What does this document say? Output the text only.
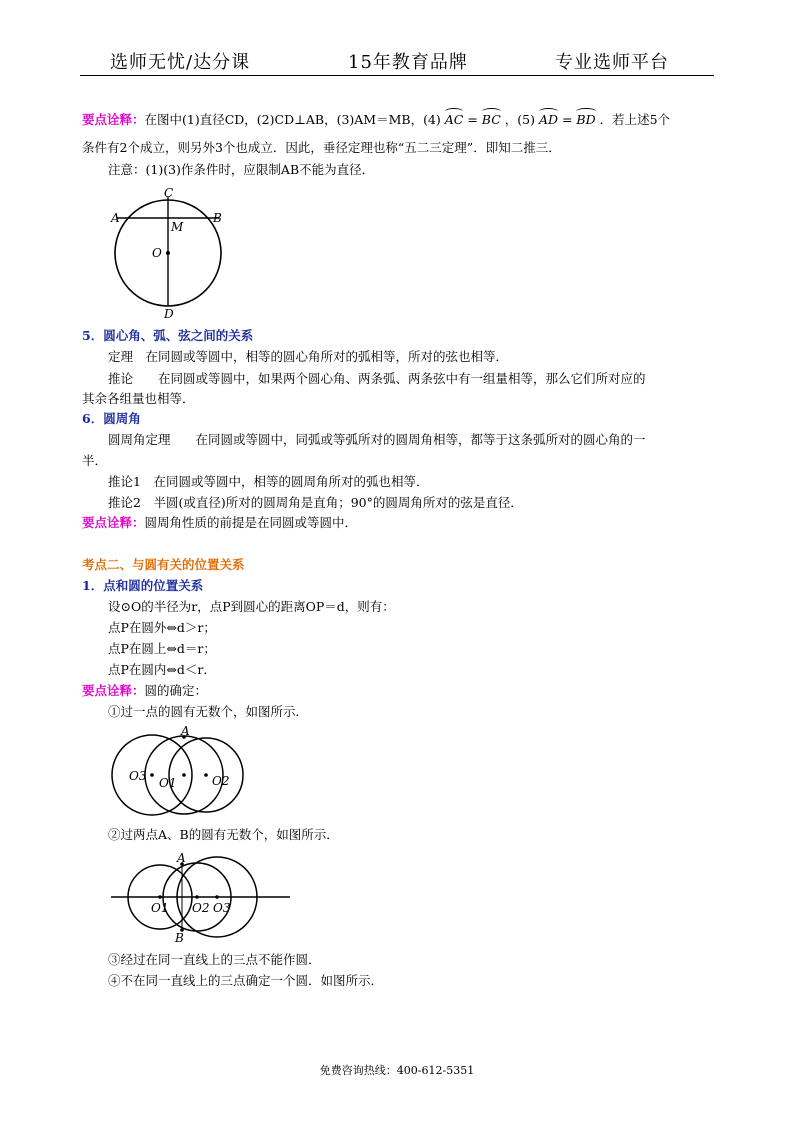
选师无忧/达分课	15年教育品牌	专业选师平台
要点诠释：在图中(1)直径CD，(2)CD⊥AB，(3)AM＝MB，(4) AC = BC ，(5) AD = BD ．若上述5个
条件有2个成立，则另外3个也成立．因此，垂径定理也称“五二三定理”．即知二推三．
注意：(1)(3)作条件时，应限制AB不能为直径．
C
A	B
M
O
D
5．圆心角、弧、弦之间的关系
定理　在同圆或等圆中，相等的圆心角所对的弧相等，所对的弦也相等．
推论　　在同圆或等圆中，如果两个圆心角、两条弧、两条弦中有一组量相等，那么它们所对应的
其余各组量也相等．
6．圆周角
圆周角定理　　在同圆或等圆中，同弧或等弧所对的圆周角相等，都等于这条弧所对的圆心角的一
半．
推论1　在同圆或等圆中，相等的圆周角所对的弧也相等．
推论2　半圆(或直径)所对的圆周角是直角；90°的圆周角所对的弦是直径．
要点诠释：圆周角性质的前提是在同圆或等圆中．
考点二、与圆有关的位置关系
1．点和圆的位置关系
设⊙O的半径为r，点P到圆心的距离OP＝d，则有：
点P在圆外⇔d＞r；
点P在圆上⇔d＝r；
点P在圆内⇔d＜r．
要点诠释：圆的确定：
①过一点的圆有无数个，如图所示．
A
O3 O1	O2
②过两点A、B的圆有无数个，如图所示．
A
O1 O2 O3
B
③经过在同一直线上的三点不能作圆．
④不在同一直线上的三点确定一个圆．如图所示．
免费咨询热线：400-612-5351
